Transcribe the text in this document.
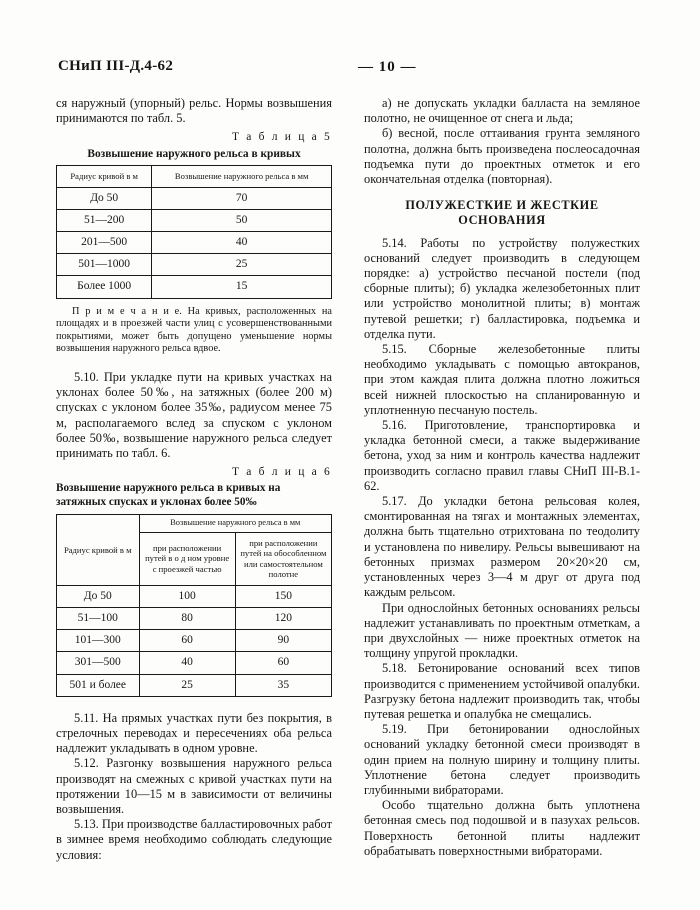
СНиП III-Д.4-62	— 10 —

ся наружный (упорный) рельс. Нормы возвышения принимаются по табл. 5.

Т а б л и ц а 5
Возвышение наружного рельса в кривых
Радиус кривой в м	Возвышение наружного рельса в мм
До 50	70
51—200	50
201—500	40
501—1000	25
Более 1000	15

П р и м е ч а н и е. На кривых, расположенных на площадях и в проезжей части улиц с усовершенствованными покрытиями, может быть допущено уменьшение нормы возвышения наружного рельса вдвое.

5.10. При укладке пути на кривых участках на уклонах более 50‰, на затяжных (более 200 м) спусках с уклоном более 35‰, радиусом менее 75 м, располагаемого вслед за спуском с уклоном более 50‰, возвышение наружного рельса следует принимать по табл. 6.

Т а б л и ц а 6
Возвышение наружного рельса в кривых на затяжных спусках и уклонах более 50‰
Радиус кривой в м	Возвышение наружного рельса в мм	
	при расположении путей в о д ном уровне с проезжей частью	при расположении путей на обособленном или самостоятельном полотне
До 50	100	150
51—100	80	120
101—300	60	90
301—500	40	60
501 и более	25	35

5.11. На прямых участках пути без покрытия, в стрелочных переводах и пересечениях оба рельса надлежит укладывать в одном уровне.

5.12. Разгонку возвышения наружного рельса производят на смежных с кривой участках пути на протяжении 10—15 м в зависимости от величины возвышения.

5.13. При производстве балластировочных работ в зимнее время необходимо соблюдать следующие условия:

а) не допускать укладки балласта на земляное полотно, не очищенное от снега и льда;

б) весной, после оттаивания грунта земляного полотна, должна быть произведена послеосадочная подъемка пути до проектных отметок и его окончательная отделка (повторная).

ПОЛУЖЕСТКИЕ И ЖЕСТКИЕ ОСНОВАНИЯ

5.14. Работы по устройству полужестких оснований следует производить в следующем порядке: а) устройство песчаной постели (под сборные плиты); б) укладка железобетонных плит или устройство монолитной плиты; в) монтаж путевой решетки; г) балластировка, подъемка и отделка пути.

5.15. Сборные железобетонные плиты необходимо укладывать с помощью автокранов, при этом каждая плита должна плотно ложиться всей нижней плоскостью на спланированную и уплотненную песчаную постель.

5.16. Приготовление, транспортировка и укладка бетонной смеси, а также выдерживание бетона, уход за ним и контроль качества надлежит производить согласно правил главы СНиП III-В.1-62.

5.17. До укладки бетона рельсовая колея, смонтированная на тягах и монтажных элементах, должна быть тщательно отрихтована по теодолиту и установлена по нивелиру. Рельсы вывешивают на бетонных призмах размером 20×20×20 см, установленных через 3—4 м друг от друга под каждым рельсом.

При однослойных бетонных основаниях рельсы надлежит устанавливать по проектным отметкам, а при двухслойных — ниже проектных отметок на толщину упругой прокладки.

5.18. Бетонирование оснований всех типов производится с применением устойчивой опалубки. Разгрузку бетона надлежит производить так, чтобы путевая решетка и опалубка не смещались.

5.19. При бетонировании однослойных оснований укладку бетонной смеси производят в один прием на полную ширину и толщину плиты. Уплотнение бетона следует производить глубинными вибраторами.

Особо тщательно должна быть уплотнена бетонная смесь под подошвой и в пазухах рельсов. Поверхность бетонной плиты надлежит обрабатывать поверхностными вибраторами.
